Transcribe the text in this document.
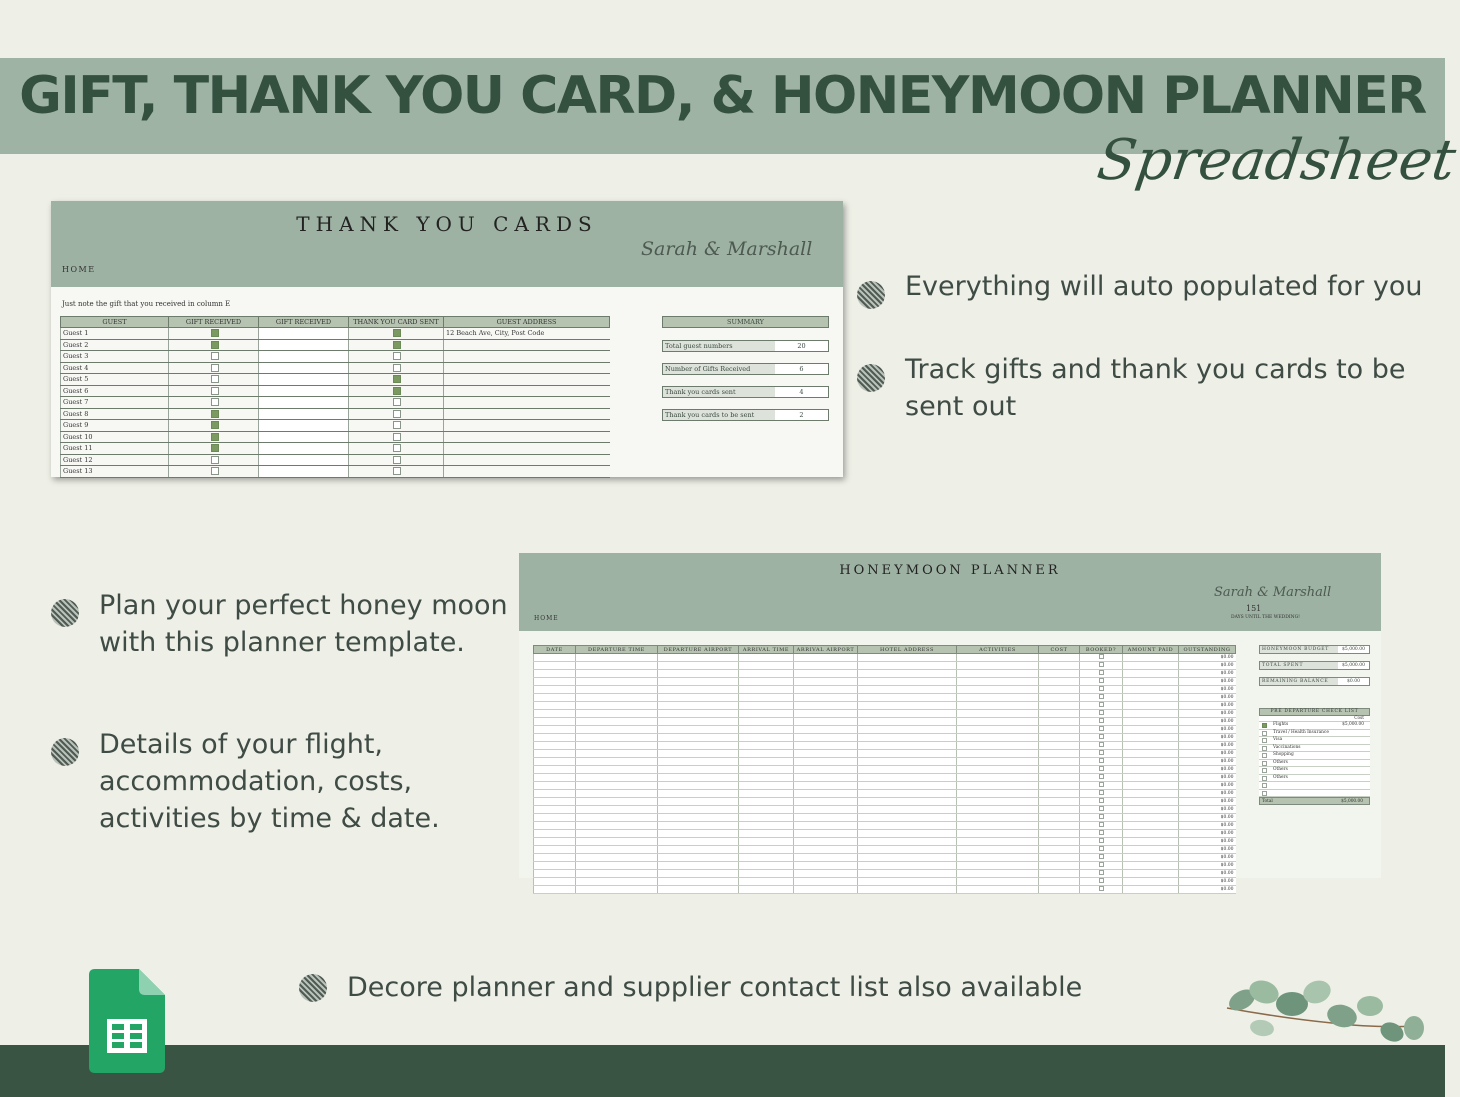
GIFT, THANK YOU CARD, & HONEYMOON PLANNER
Spreadsheet
THANK YOU CARDS
Sarah & Marshall
HOME
Just note the gift that you received in column E
GUEST	GIFT RECEIVED	GIFT RECEIVED	THANK YOU CARD SENT	GUEST ADDRESS
Guest 1				12 Beach Ave, City, Post Code
Guest 2				
Guest 3				
Guest 4				
Guest 5				
Guest 6				
Guest 7				
Guest 8				
Guest 9				
Guest 10				
Guest 11				
Guest 12				
Guest 13				
SUMMARY
Total guest numbers	20
Number of Gifts Received	6
Thank you cards sent	4
Thank you cards to be sent	2
Everything will auto populated for you
Track gifts and thank you cards to be
sent out
Plan your perfect honey moon
with this planner template.
Details of your flight,
accommodation, costs,
activities by time & date.
HONEYMOON PLANNER
Sarah & Marshall
151
DAYS UNTIL THE WEDDING!
HOME
DATE	DEPARTURE TIME	DEPARTURE AIRPORT	ARRIVAL TIME	ARRIVAL AIRPORT	HOTEL ADDRESS	ACTIVITIES	COST	BOOKED?	AMOUNT PAID	OUTSTANDING
										$0.00
										$0.00
										$0.00
										$0.00
										$0.00
										$0.00
										$0.00
										$0.00
										$0.00
										$0.00
										$0.00
										$0.00
										$0.00
										$0.00
										$0.00
										$0.00
										$0.00
										$0.00
										$0.00
										$0.00
										$0.00
										$0.00
										$0.00
										$0.00
										$0.00
										$0.00
										$0.00
										$0.00
										$0.00
										$0.00
HONEYMOON BUDGET	$5,000.00
TOTAL SPENT	$5,000.00
REMAINING BALANCE	$0.00
PRE DEPARTURE CHECK LIST
Cost
Flights	$5,000.00
Travel / Health Insurance
Visa
Vaccinations
Shopping
Others
Others
Others
Total	$5,000.00
Decore planner and supplier contact list also available
